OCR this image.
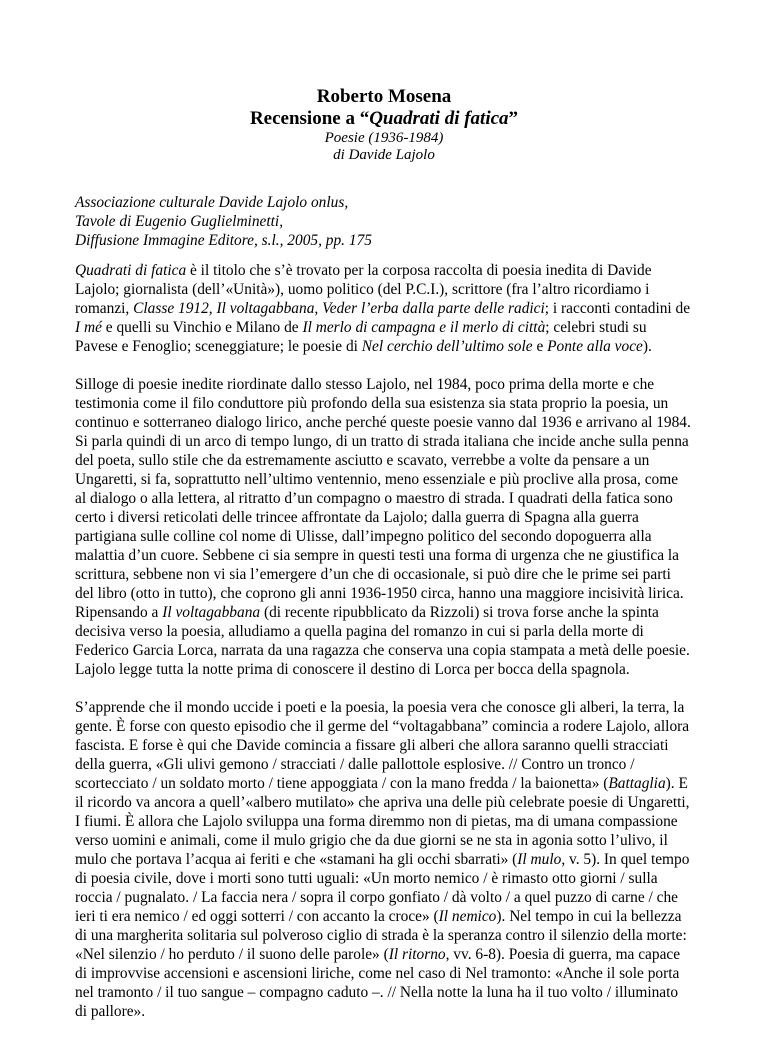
Roberto Mosena
Recensione a “Quadrati di fatica”
Poesie (1936-1984)
di Davide Lajolo
Associazione culturale Davide Lajolo onlus,
Tavole di Eugenio Guglielminetti,
Diffusione Immagine Editore, s.l., 2005, pp. 175

Quadrati di fatica è il titolo che s’è trovato per la corposa raccolta di poesia inedita di Davide
Lajolo; giornalista (dell’«Unità»), uomo politico (del P.C.I.), scrittore (fra l’altro ricordiamo i
romanzi, Classe 1912, Il voltagabbana, Veder l’erba dalla parte delle radici; i racconti contadini de
I mé e quelli su Vinchio e Milano de Il merlo di campagna e il merlo di città; celebri studi su
Pavese e Fenoglio; sceneggiature; le poesie di Nel cerchio dell’ultimo sole e Ponte alla voce).

Silloge di poesie inedite riordinate dallo stesso Lajolo, nel 1984, poco prima della morte e che
testimonia come il filo conduttore più profondo della sua esistenza sia stata proprio la poesia, un
continuo e sotterraneo dialogo lirico, anche perché queste poesie vanno dal 1936 e arrivano al 1984.
Si parla quindi di un arco di tempo lungo, di un tratto di strada italiana che incide anche sulla penna
del poeta, sullo stile che da estremamente asciutto e scavato, verrebbe a volte da pensare a un
Ungaretti, si fa, soprattutto nell’ultimo ventennio, meno essenziale e più proclive alla prosa, come
al dialogo o alla lettera, al ritratto d’un compagno o maestro di strada. I quadrati della fatica sono
certo i diversi reticolati delle trincee affrontate da Lajolo; dalla guerra di Spagna alla guerra
partigiana sulle colline col nome di Ulisse, dall’impegno politico del secondo dopoguerra alla
malattia d’un cuore. Sebbene ci sia sempre in questi testi una forma di urgenza che ne giustifica la
scrittura, sebbene non vi sia l’emergere d’un che di occasionale, si può dire che le prime sei parti
del libro (otto in tutto), che coprono gli anni 1936-1950 circa, hanno una maggiore incisività lirica.
Ripensando a Il voltagabbana (di recente ripubblicato da Rizzoli) si trova forse anche la spinta
decisiva verso la poesia, alludiamo a quella pagina del romanzo in cui si parla della morte di
Federico Garcia Lorca, narrata da una ragazza che conserva una copia stampata a metà delle poesie.
Lajolo legge tutta la notte prima di conoscere il destino di Lorca per bocca della spagnola.

S’apprende che il mondo uccide i poeti e la poesia, la poesia vera che conosce gli alberi, la terra, la
gente. È forse con questo episodio che il germe del “voltagabbana” comincia a rodere Lajolo, allora
fascista. E forse è qui che Davide comincia a fissare gli alberi che allora saranno quelli stracciati
della guerra, «Gli ulivi gemono / stracciati / dalle pallottole esplosive. // Contro un tronco /
scortecciato / un soldato morto / tiene appoggiata / con la mano fredda / la baionetta» (Battaglia). E
il ricordo va ancora a quell’«albero mutilato» che apriva una delle più celebrate poesie di Ungaretti,
I fiumi. È allora che Lajolo sviluppa una forma diremmo non di pietas, ma di umana compassione
verso uomini e animali, come il mulo grigio che da due giorni se ne sta in agonia sotto l’ulivo, il
mulo che portava l’acqua ai feriti e che «stamani ha gli occhi sbarrati» (Il mulo, v. 5). In quel tempo
di poesia civile, dove i morti sono tutti uguali: «Un morto nemico / è rimasto otto giorni / sulla
roccia / pugnalato. / La faccia nera / sopra il corpo gonfiato / dà volto / a quel puzzo di carne / che
ieri ti era nemico / ed oggi sotterri / con accanto la croce» (Il nemico). Nel tempo in cui la bellezza
di una margherita solitaria sul polveroso ciglio di strada è la speranza contro il silenzio della morte:
«Nel silenzio / ho perduto / il suono delle parole» (Il ritorno, vv. 6-8). Poesia di guerra, ma capace
di improvvise accensioni e ascensioni liriche, come nel caso di Nel tramonto: «Anche il sole porta
nel tramonto / il tuo sangue – compagno caduto –. // Nella notte la luna ha il tuo volto / illuminato
di pallore».
